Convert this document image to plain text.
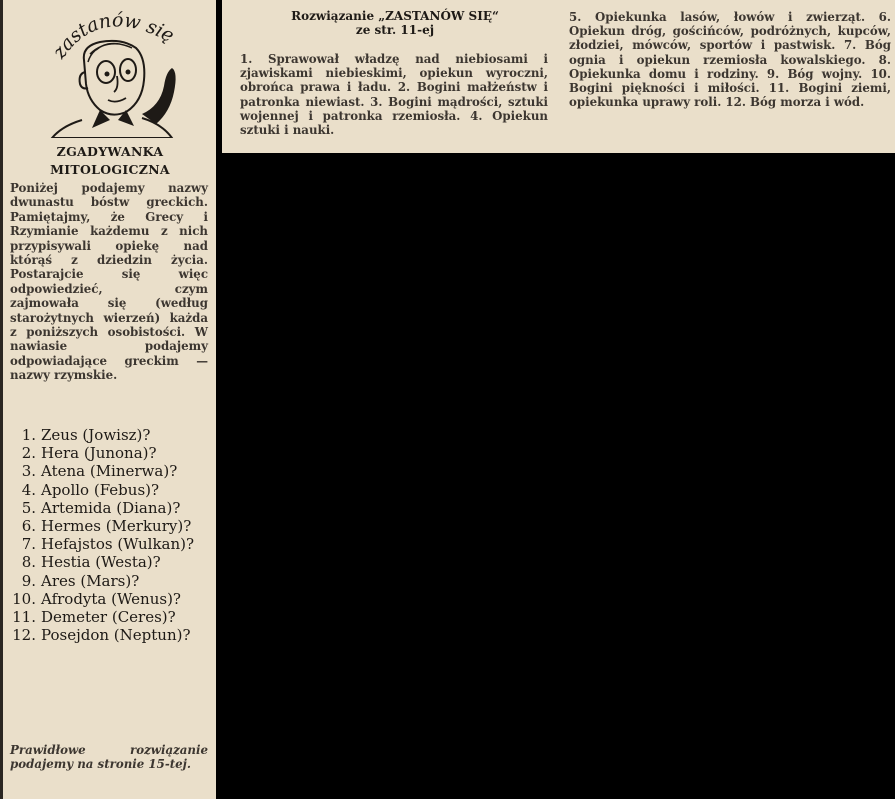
zastanów się
ZGADYWANKA
MITOLOGICZNA
Poniżej podajemy nazwy dwunastu bóstw greckich. Pamiętajmy, że Grecy i Rzymianie każdemu z nich przypisywali opiekę nad którąś z dziedzin życia. Postarajcie się więc odpowiedzieć, czym zajmowała się (według starożytnych wierzeń) każda z poniższych osobistości. W nawiasie podajemy odpowiadające greckim — nazwy rzymskie.
1. Zeus (Jowisz)?
2. Hera (Junona)?
3. Atena (Minerwa)?
4. Apollo (Febus)?
5. Artemida (Diana)?
6. Hermes (Merkury)?
7. Hefajstos (Wulkan)?
8. Hestia (Westa)?
9. Ares (Mars)?
10. Afrodyta (Wenus)?
11. Demeter (Ceres)?
12. Posejdon (Neptun)?
Prawidłowe rozwiązanie podajemy na stronie 15-tej.
Rozwiązanie „ZASTANÓW SIĘ“
ze str. 11-ej
1. Sprawował władzę nad niebiosami i zjawiskami niebieskimi, opiekun wyroczni, obrońca prawa i ładu. 2. Bogini małżeństw i patronka niewiast. 3. Bogini mądrości, sztuki wojennej i patronka rzemiosła. 4. Opiekun sztuki i nauki.
5. Opiekunka lasów, łowów i zwierząt. 6. Opiekun dróg, gościńców, podróżnych, kupców, złodziei, mówców, sportów i pastwisk. 7. Bóg ognia i opiekun rzemiosła kowalskiego. 8. Opiekunka domu i rodziny. 9. Bóg wojny. 10. Bogini piękności i miłości. 11. Bogini ziemi, opiekunka uprawy roli. 12. Bóg morza i wód.
